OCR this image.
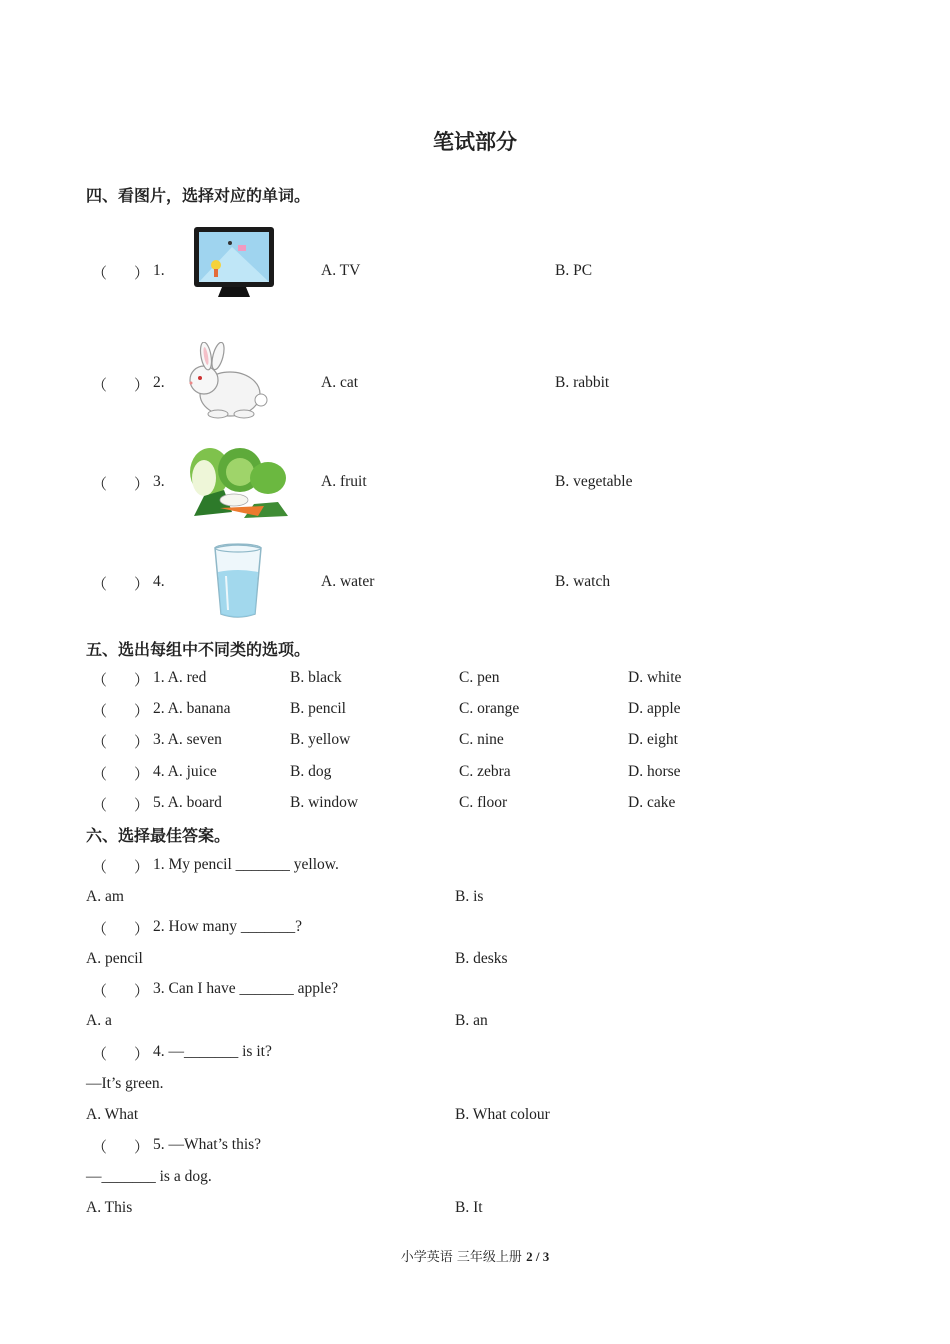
笔试部分
四、看图片，选择对应的单词。
（ ） 1.	A. TV	B. PC
（ ） 2.	A. cat	B. rabbit
（ ） 3.	A. fruit	B. vegetable
（ ） 4.	A. water	B. watch
五、选出每组中不同类的选项。
（ ） 1. A. red	B. black	C. pen	D. white
（ ） 2. A. banana	B. pencil	C. orange	D. apple
（ ） 3. A. seven	B. yellow	C. nine	D. eight
（ ） 4. A. juice	B. dog	C. zebra	D. horse
（ ） 5. A. board	B. window	C. floor	D. cake
六、选择最佳答案。
（ ） 1. My pencil _______ yellow.
A. am	B. is
（ ） 2. How many _______?
A. pencil	B. desks
（ ） 3. Can I have _______ apple?
A. a	B. an
（ ） 4. —_______ is it?
—It’s green.
A. What	B. What colour
（ ） 5. —What’s this?
—_______ is a dog.
A. This	B. It
小学英语 三年级上册 2 / 3
